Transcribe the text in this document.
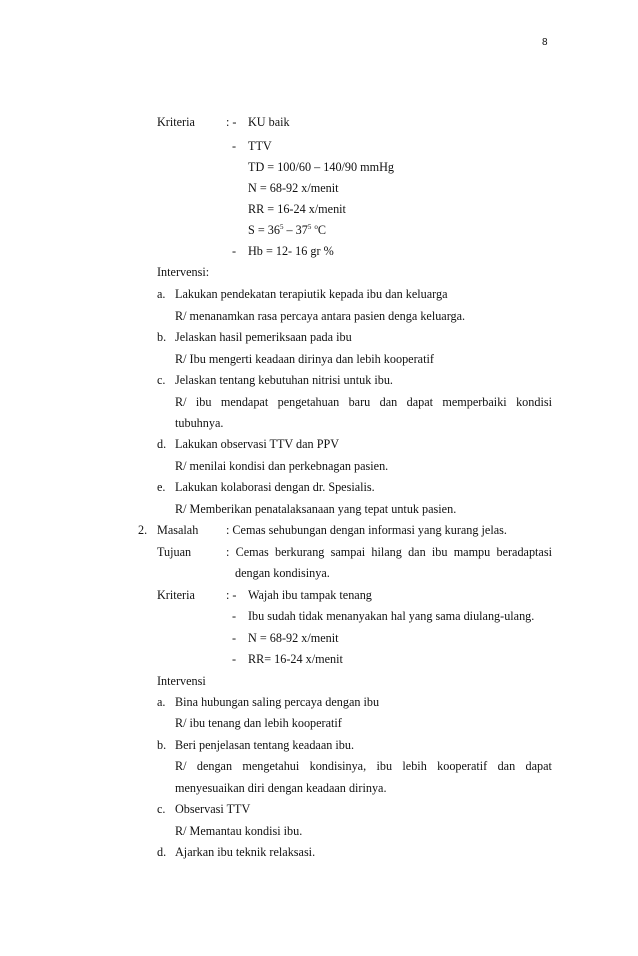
8
Kriteria	: - KU baik
- TTV
TD = 100/60 – 140/90 mmHg
N = 68-92 x/menit
RR = 16-24 x/menit
$S = 36^5 - 37^5$ $^o$C
- Hb = 12- 16 gr %
Intervensi:
a. Lakukan pendekatan terapiutik kepada ibu dan keluarga
R/ menanamkan rasa percaya antara pasien denga keluarga.
b. Jelaskan hasil pemeriksaan pada ibu
R/ Ibu mengerti keadaan dirinya dan lebih kooperatif
c. Jelaskan tentang kebutuhan nitrisi untuk ibu.
R/ ibu mendapat pengetahuan baru dan dapat memperbaiki kondisi
tubuhnya.
d. Lakukan observasi TTV dan PPV
R/ menilai kondisi dan perkebnagan pasien.
e. Lakukan kolaborasi dengan dr. Spesialis.
R/ Memberikan penatalaksanaan yang tepat untuk pasien.
2. Masalah : Cemas sehubungan dengan informasi yang kurang jelas.
Tujuan	: Cemas berkurang sampai hilang dan ibu mampu beradaptasi
dengan kondisinya.
Kriteria	: - Wajah ibu tampak tenang
- Ibu sudah tidak menanyakan hal yang sama diulang-ulang.
- N = 68-92 x/menit
- RR= 16-24 x/menit
Intervensi
a. Bina hubungan saling percaya dengan ibu
R/ ibu tenang dan lebih kooperatif
b. Beri penjelasan tentang keadaan ibu.
R/ dengan mengetahui kondisinya, ibu lebih kooperatif dan dapat
menyesuaikan diri dengan keadaan dirinya.
c. Observasi TTV
R/ Memantau kondisi ibu.
d. Ajarkan ibu teknik relaksasi.
